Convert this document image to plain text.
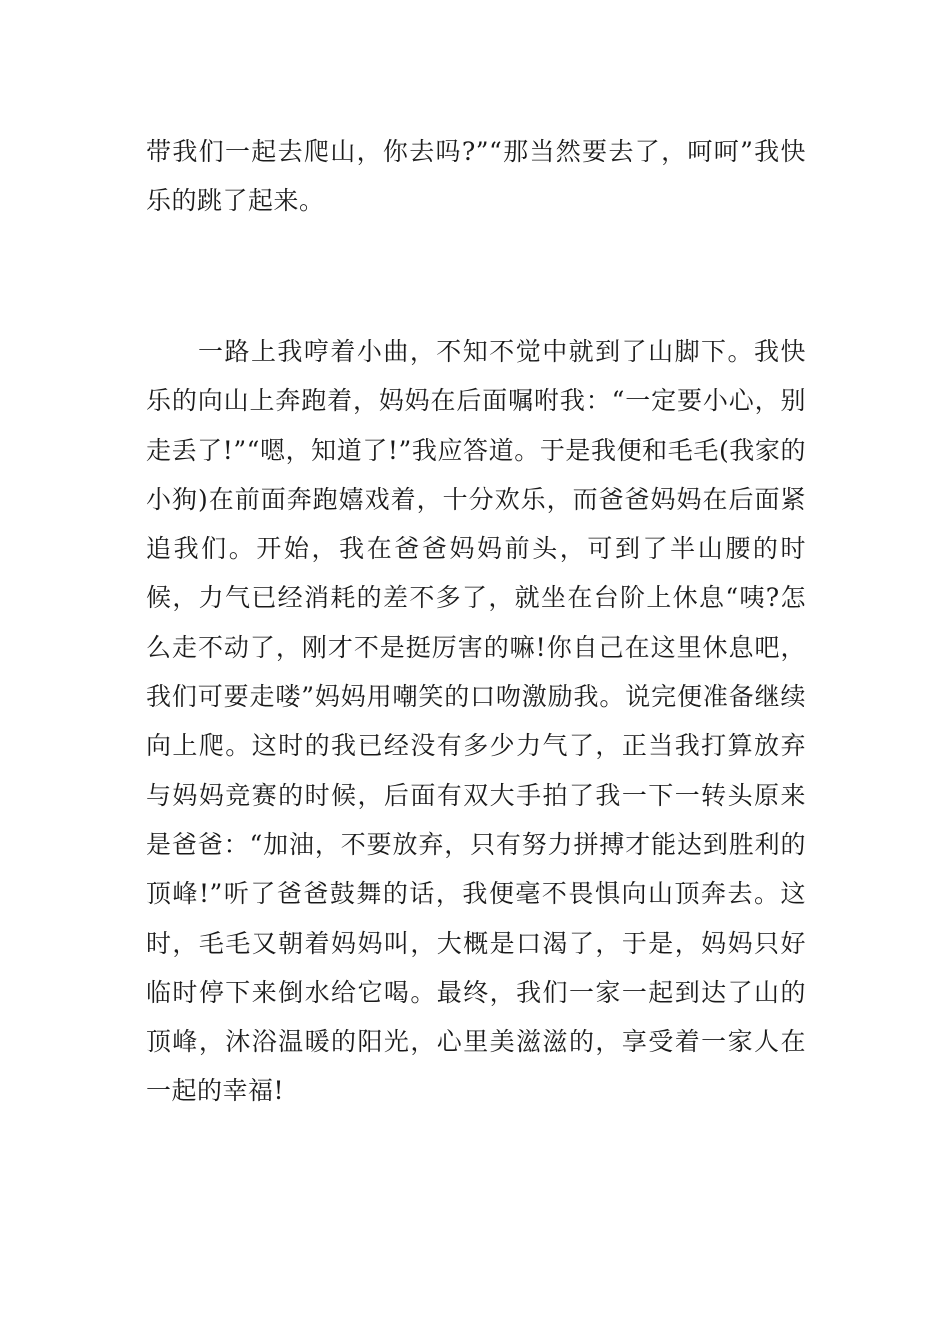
带我们一起去爬山，你去吗?”“那当然要去了，呵呵”我快乐的跳了起来。

一路上我哼着小曲，不知不觉中就到了山脚下。我快乐的向山上奔跑着，妈妈在后面嘱咐我：“一定要小心，别走丢了!”“嗯，知道了!”我应答道。于是我便和毛毛(我家的小狗)在前面奔跑嬉戏着，十分欢乐，而爸爸妈妈在后面紧追我们。开始，我在爸爸妈妈前头，可到了半山腰的时候，力气已经消耗的差不多了，就坐在台阶上休息“咦?怎么走不动了，刚才不是挺厉害的嘛!你自己在这里休息吧，我们可要走喽”妈妈用嘲笑的口吻激励我。说完便准备继续向上爬。这时的我已经没有多少力气了，正当我打算放弃与妈妈竞赛的时候，后面有双大手拍了我一下一转头原来是爸爸：“加油，不要放弃，只有努力拼搏才能达到胜利的顶峰!”听了爸爸鼓舞的话，我便毫不畏惧向山顶奔去。这时，毛毛又朝着妈妈叫，大概是口渴了，于是，妈妈只好临时停下来倒水给它喝。最终，我们一家一起到达了山的顶峰，沐浴温暖的阳光，心里美滋滋的，享受着一家人在一起的幸福!
